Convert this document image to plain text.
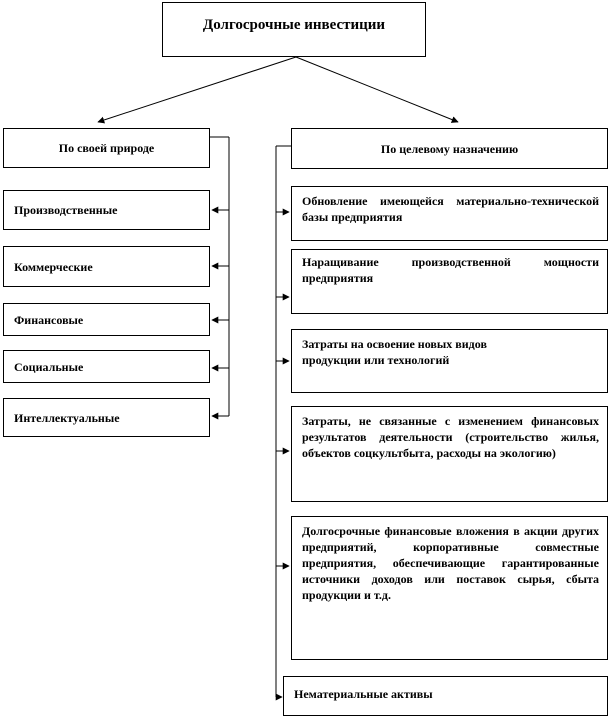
Долгосрочные инвестиции
По своей природе
Производственные
Коммерческие
Финансовые
Социальные
Интеллектуальные
По целевому назначению
Обновление имеющейся материально-технической базы предприятия
Наращивание производственной мощности предприятия
Затраты на освоение новых видов продукции или технологий
Затраты, не связанные с изменением финансовых результатов деятельности (строительство жилья, объектов соцкультбыта, расходы на экологию)
Долгосрочные финансовые вложения в акции других предприятий, корпоративные совместные предприятия, обеспечивающие гарантированные источники доходов или поставок сырья, сбыта продукции и т.д.
Нематериальные активы
